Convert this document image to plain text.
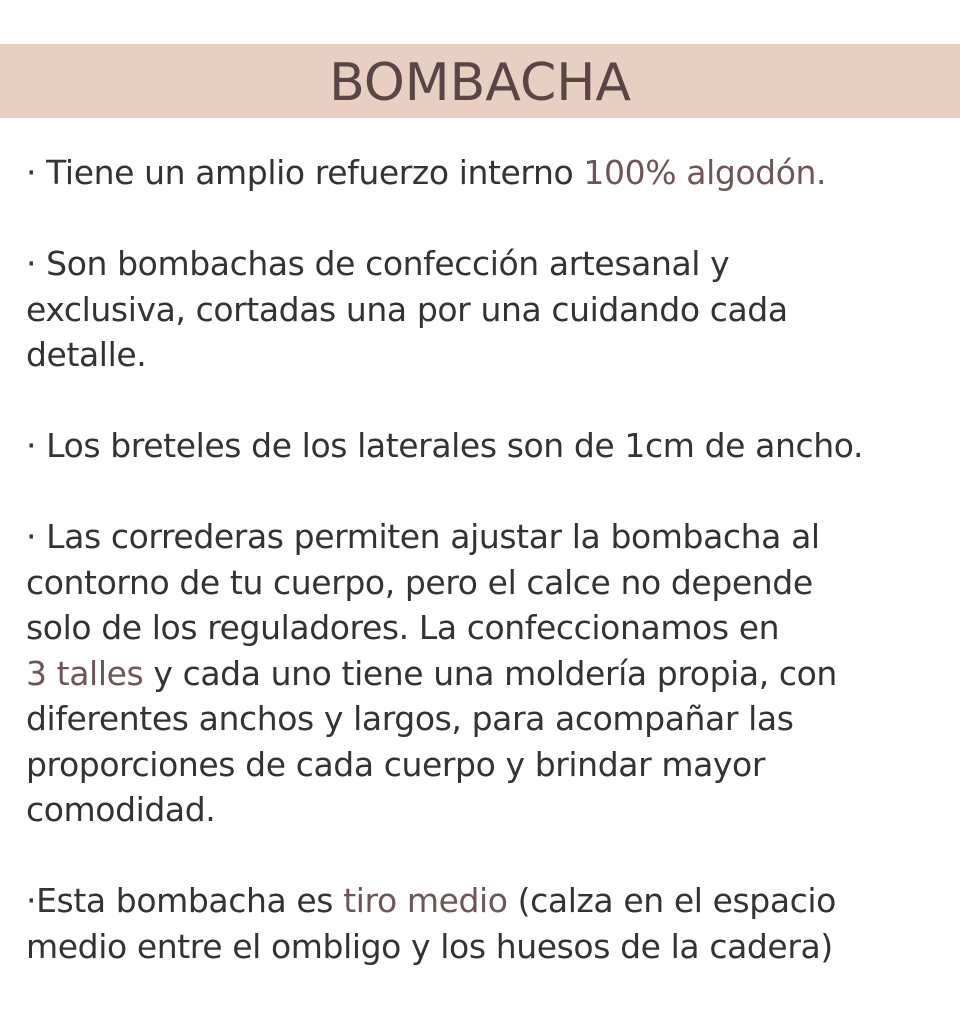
BOMBACHA

· Tiene un amplio refuerzo interno 100% algodón.

· Son bombachas de confección artesanal y
exclusiva, cortadas una por una cuidando cada
detalle.

· Los breteles de los laterales son de 1cm de ancho.

· Las correderas permiten ajustar la bombacha al
contorno de tu cuerpo, pero el calce no depende
solo de los reguladores. La confeccionamos en
3 talles y cada uno tiene una moldería propia, con
diferentes anchos y largos, para acompañar las
proporciones de cada cuerpo y brindar mayor
comodidad.

·Esta bombacha es tiro medio (calza en el espacio
medio entre el ombligo y los huesos de la cadera)
